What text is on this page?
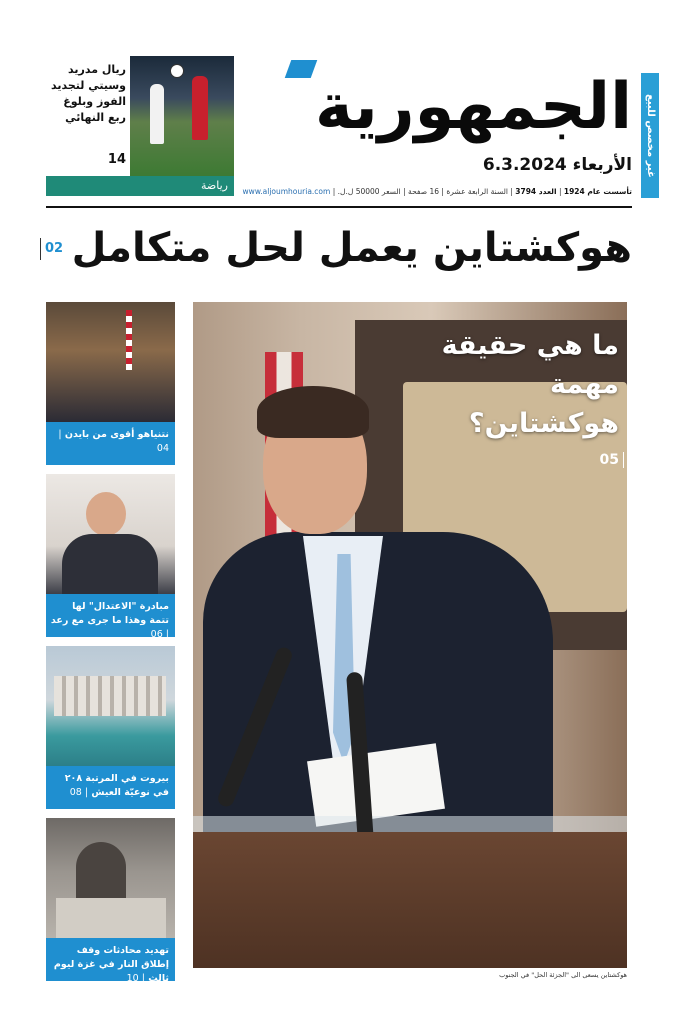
غير مخصص للبيع
الجمهورية
الأربعاء 6.3.2024
تأسست عام 1924 | العدد 3794 | السنة الرابعة عشرة | 16 صفحة | السعر 50000 ل.ل. | www.aljoumhouria.com
ريال مدريد وسيتي لتجديد الفوز وبلوغ ربع النهائي
14
رياضة
هوكشتاين يعمل لحل متكامل
02
نتنياهو أقوى من بايدن | 04
مبادرة "الاعتدال" لها تتمة وهذا ما جرى مع رعد | 06
بيروت في المرتبة ٢٠٨ في نوعيّة العيش | 08
تهديد محادثات وقف إطلاق النار في غزة ليوم ثالث | 10
ما هي حقيقة مهمة هوكشتاين؟
05
هوكشتاين يسعى الى "الجزئة الحل" في الجنوب
